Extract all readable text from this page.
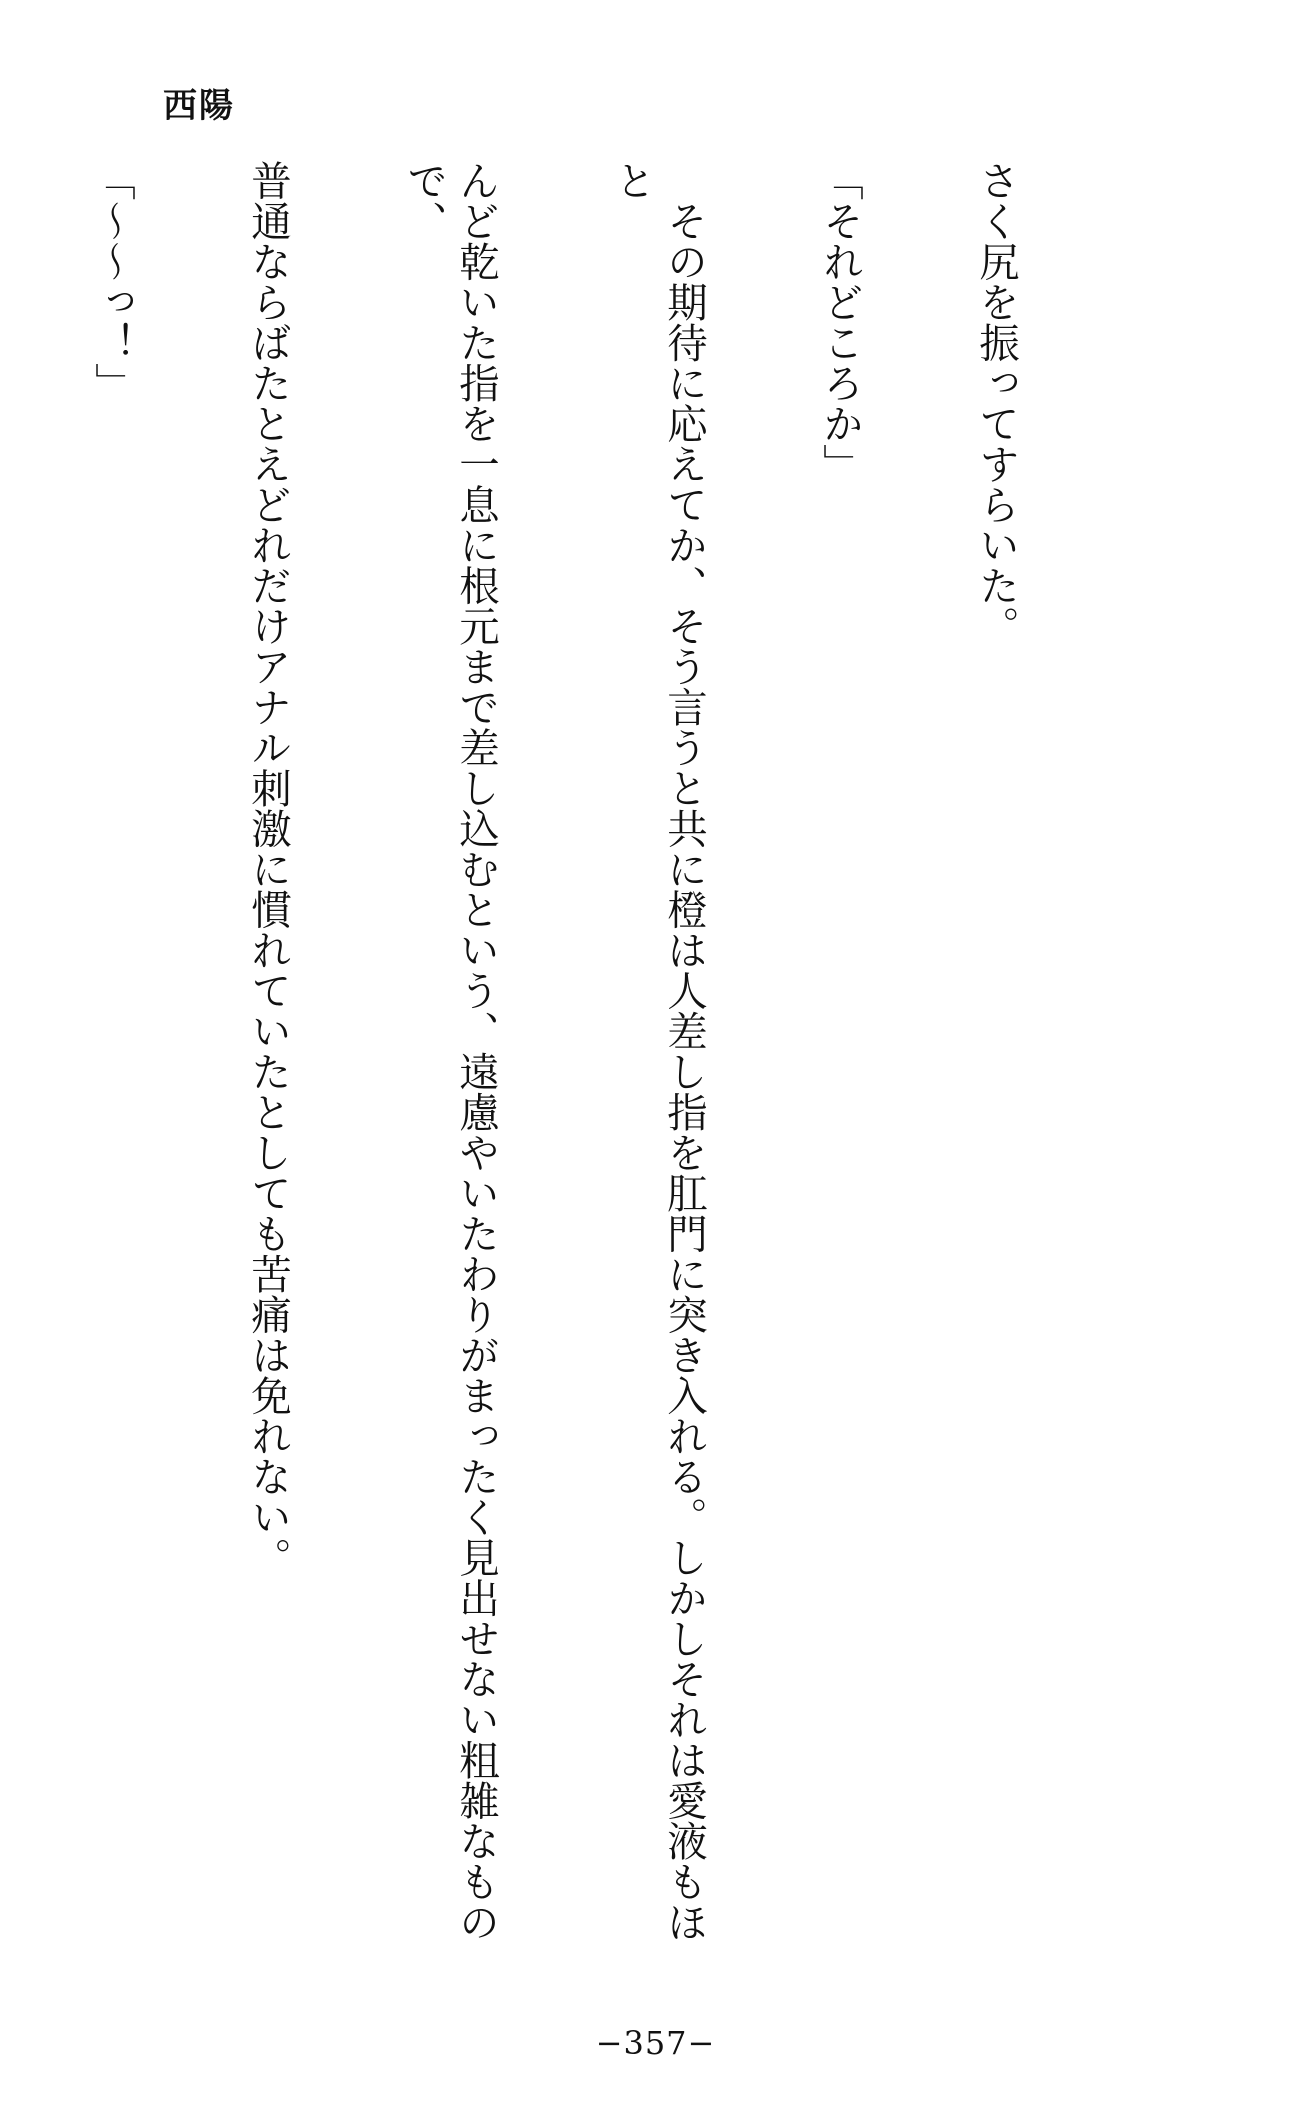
西陽

さく尻を振ってすらいた。

「それどころか」

　その期待に応えてか、そう言うと共に橙は人差し指を肛門に突き入れる。しかしそれは愛液もほと

んど乾いた指を一息に根元まで差し込むという、遠慮やいたわりがまったく見出せない粗雑なもので、

普通ならばたとえどれだけアナル刺激に慣れていたとしても苦痛は免れない。

「〜〜っ！」

−357−
